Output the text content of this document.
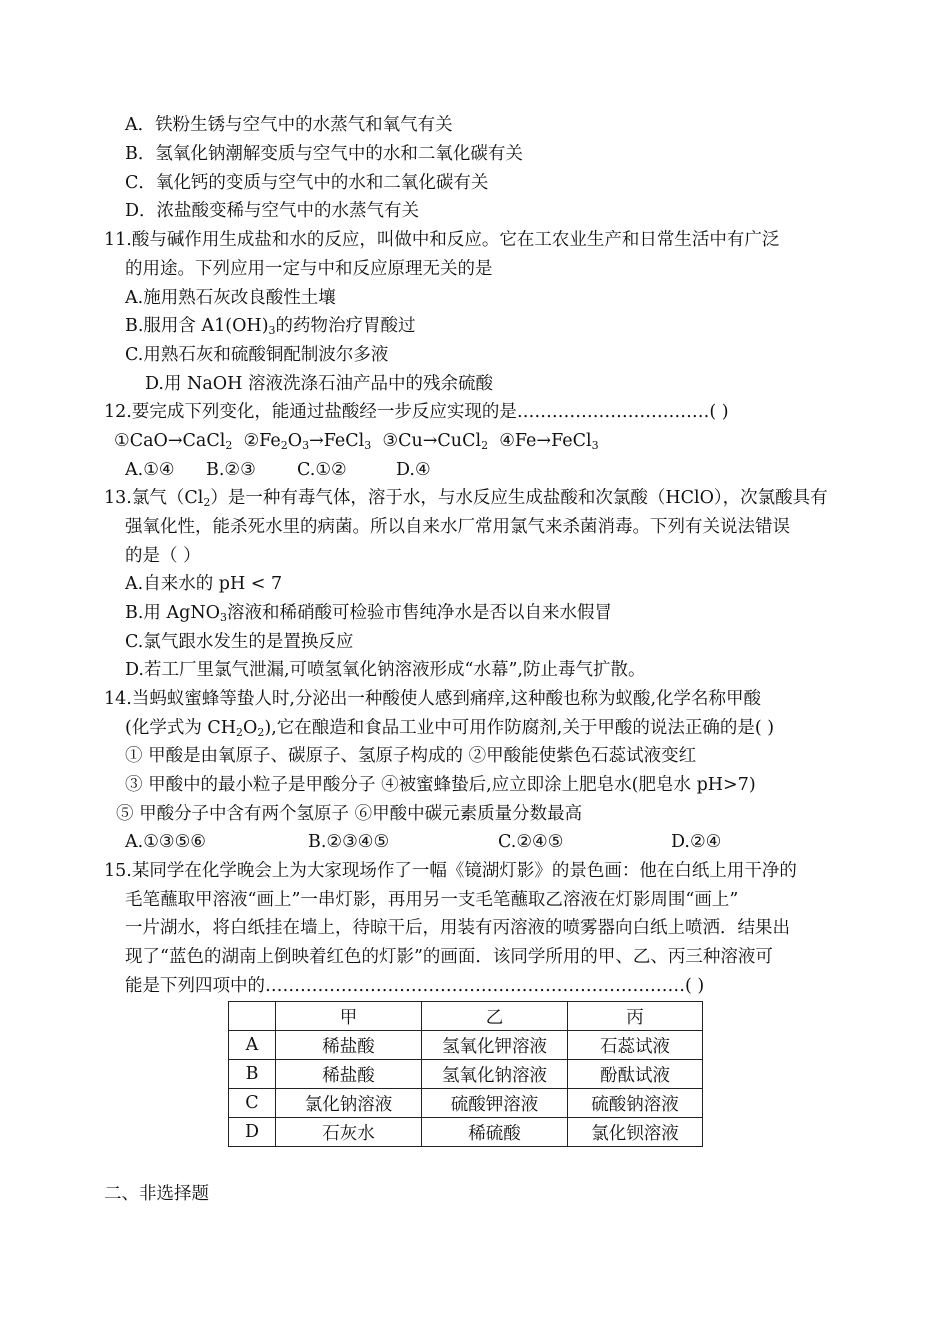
A．铁粉生锈与空气中的水蒸气和氧气有关
B．氢氧化钠潮解变质与空气中的水和二氧化碳有关
C．氧化钙的变质与空气中的水和二氧化碳有关
D．浓盐酸变稀与空气中的水蒸气有关
11.酸与碱作用生成盐和水的反应，叫做中和反应。它在工农业生产和日常生活中有广泛
的用途。下列应用一定与中和反应原理无关的是
A.施用熟石灰改良酸性土壤
B.服用含 $A1(OH)_3$的药物治疗胃酸过
C.用熟石灰和硫酸铜配制波尔多液
D.用 NaOH 溶液洗涤石油产品中的残余硫酸
12.要完成下列变化，能通过盐酸经一步反应实现的是……………………………( )
①CaO→CaCl$_2$  $②Fe_2O_3\to FeCl_3$  ③Cu→CuCl$_2$  ④Fe→FeCl$_3$
A.①④ B.②③ C.①②	D.④
13.氯气$(Cl_2)$是一种有毒气体，溶于水，与水反应生成盐酸和次氯酸（HClO），次氯酸具有
强氧化性，能杀死水里的病菌。所以自来水厂常用氯气来杀菌消毒。下列有关说法错误
的是（ ）
A.自来水的 pH < 7
B.用 AgNO$_3$溶液和稀硝酸可检验市售纯净水是否以自来水假冒
C.氯气跟水发生的是置换反应
D.若工厂里氯气泄漏,可喷氢氧化钠溶液形成“水幕”,防止毒气扩散。
14.当蚂蚁蜜蜂等蛰人时,分泌出一种酸使人感到痛痒,这种酸也称为蚁酸,化学名称甲酸
(化学式为 $CH_2O_2$),它在酿造和食品工业中可用作防腐剂,关于甲酸的说法正确的是( )
① 甲酸是由氧原子、碳原子、氢原子构成的 ②甲酸能使紫色石蕊试液变红
③ 甲酸中的最小粒子是甲酸分子 ④被蜜蜂蛰后,应立即涂上肥皂水(肥皂水 pH>7)
⑤ 甲酸分子中含有两个氢原子 ⑥甲酸中碳元素质量分数最高
A.①③⑤⑥	B.②③④⑤	C.②④⑤	D.②④
15.某同学在化学晚会上为大家现场作了一幅《镜湖灯影》的景色画：他在白纸上用干净的
毛笔蘸取甲溶液“画上”一串灯影，再用另一支毛笔蘸取乙溶液在灯影周围“画上”
一片湖水，将白纸挂在墙上，待晾干后，用装有丙溶液的喷雾器向白纸上喷洒．结果出
现了“蓝色的湖南上倒映着红色的灯影”的画面．该同学所用的甲、乙、丙三种溶液可
能是下列四项中的………………………………………………………………( )
	甲	乙	丙
A	稀盐酸	氢氧化钾溶液	石蕊试液
B	稀盐酸	氢氧化钠溶液	酚酞试液
C	氯化钠溶液	硫酸钾溶液	硫酸钠溶液
D	石灰水	稀硫酸	氯化钡溶液
二、非选择题
